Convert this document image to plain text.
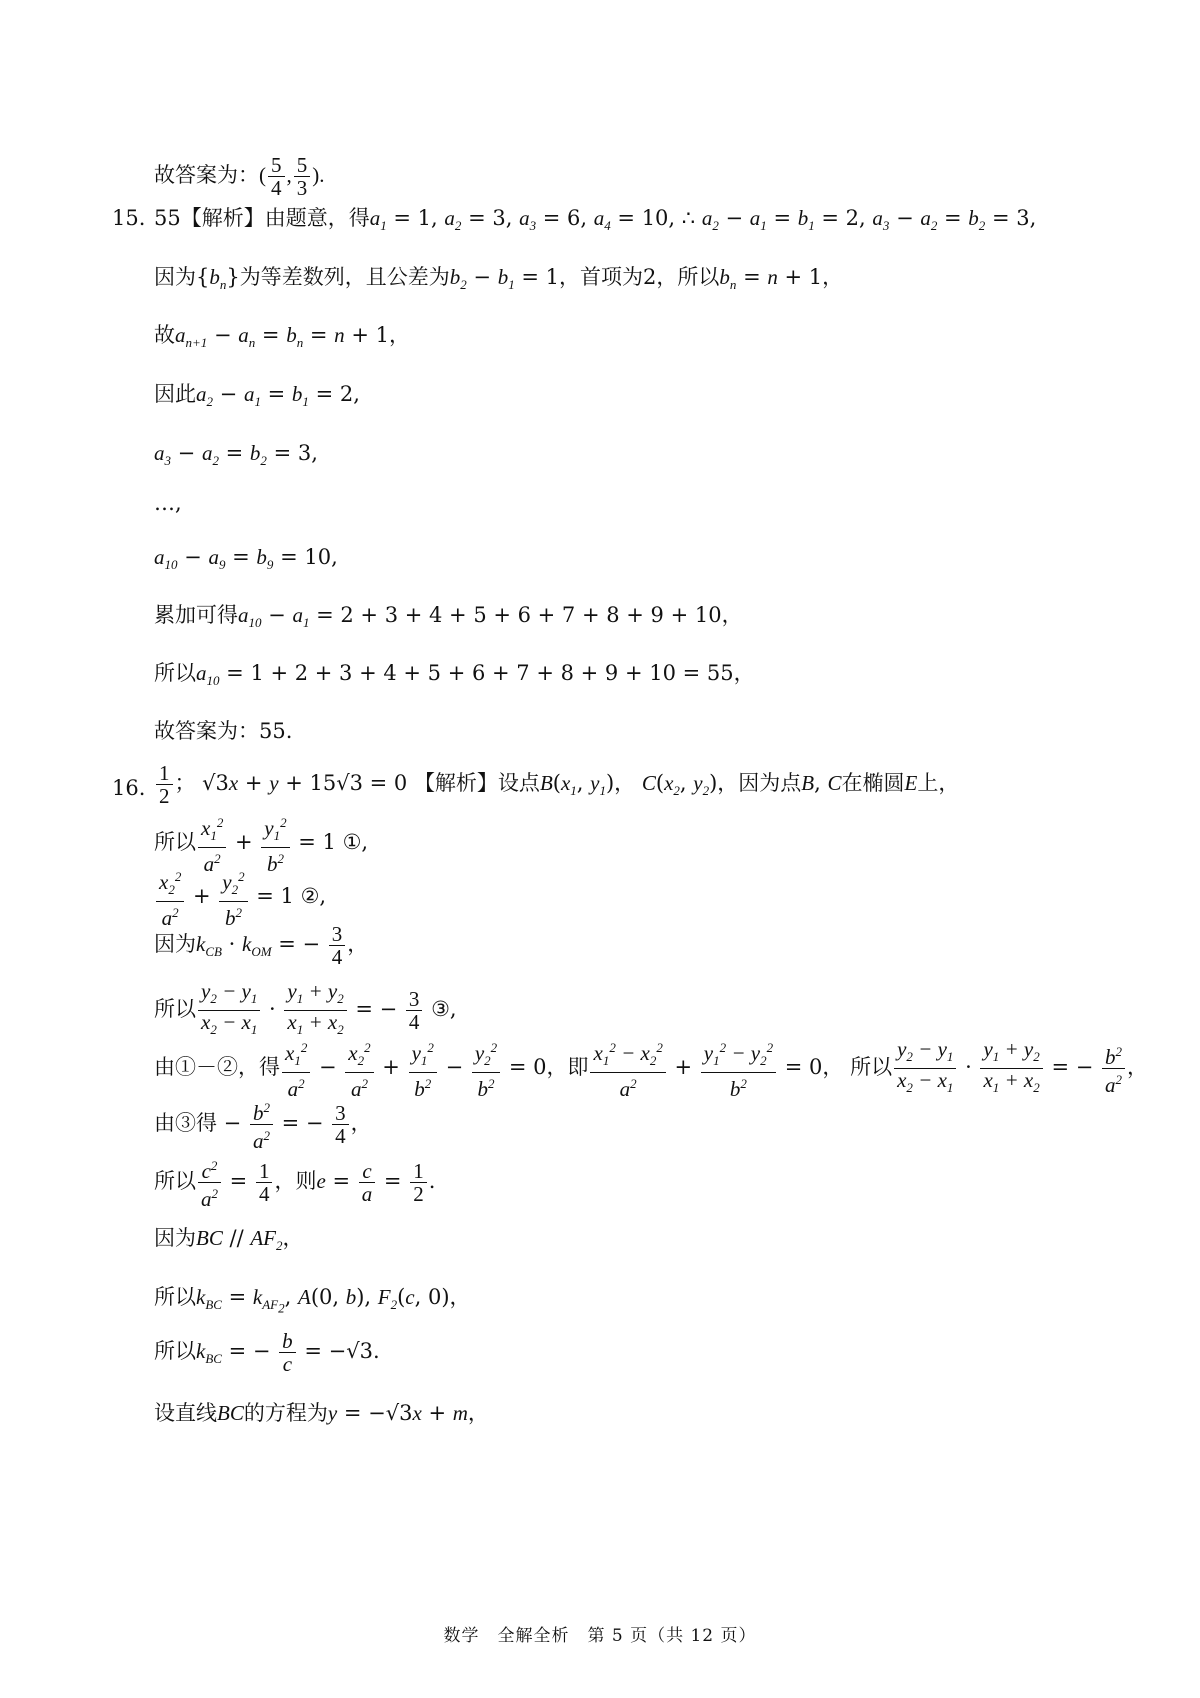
故答案为：( $\frac{5}{4}$ , $\frac{5}{3}$ ).
15. 55【解析】由题意，得$a_1 = 1$, $a_2 = 3$, $a_3 = 6$, $a_4 = 10$, ∴ $a_2 - a_1 = b_1 = 2$, $a_3 - a_2 = b_2 = 3$,
因为$\{b_n\}$为等差数列，且公差为$b_2 - b_1 = 1$，首项为2，所以$b_n = n + 1$，
故$a_{n+1} - a_n = b_n = n + 1$，
因此$a_2 - a_1 = b_1 = 2$,
$a_3 - a_2 = b_2 = 3$,
…,
$a_{10} - a_9 = b_9 = 10$,
累加可得$a_{10} - a_1 = 2 + 3 + 4 + 5 + 6 + 7 + 8 + 9 + 10$，
所以$a_{10} = 1 + 2 + 3 + 4 + 5 + 6 + 7 + 8 + 9 + 10 = 55$，
故答案为：55.
16. $\frac{1}{2}$ ； √3x + y + 15√3 = 0 【解析】设点$B(x_1$, $y_1$)， $C(x_2$, $y_2$)，因为点B, C在椭圆E上，
所以 $\frac{x_1^2}{a^2} + \frac{y_1^2}{b^2} = 1$ ①,
$\frac{x_2^2}{a^2} + \frac{y_2^2}{b^2} = 1$ ②,
因为$k_{CB} \cdot k_{OM}$ = − $\frac{3}{4}$ ，
所以 $\frac{y_2 - y_1}{x_2 - x_1} \cdot \frac{y_1 + y_2}{x_1 + x_2}$ = − $\frac{3}{4}$ ③,
由①－②，得 $\frac{x_1^2}{a^2} - \frac{x_2^2}{a^2} + \frac{y_1^2}{b^2} - \frac{y_2^2}{b^2} = 0$，即 $\frac{x_1^2 - x_2^2}{a^2} + \frac{y_1^2 - y_2^2}{b^2} = 0$， 所以 $\frac{y_2 - y_1}{x_2 - x_1} \cdot \frac{y_1 + y_2}{x_1 + x_2}$ = − $\frac{b^2}{a^2}$ ，
由③得 − $\frac{b^2}{a^2}$ = − $\frac{3}{4}$ ，
所以 $\frac{c^2}{a^2} = \frac{1}{4}$ ，则$e = \frac{c}{a} = \frac{1}{2}$ .
因为BC // $AF_2$，
所以$k_{BC} = k_{AF_2}$, A(0, b), $F_2(c$, 0)，
所以$k_{BC}$ = − $\frac{b}{c} = -√3$.
设直线BC的方程为y = −√3x + m，
数学　全解全析　第 5 页（共 12 页）
